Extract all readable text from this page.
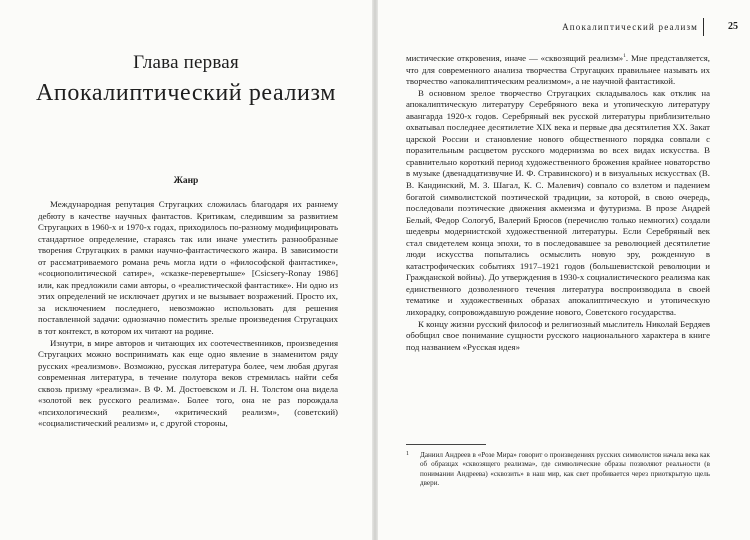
Глава первая
Апокалиптический реализм
Жанр

Международная репутация Стругацких сложилась благодаря их раннему дебюту в качестве научных фантастов. Критикам, следившим за развитием Стругацких в 1960-х и 1970-х годах, приходилось по-разному модифицировать стандартное определение, стараясь так или иначе уместить разнообразные творения Стругацких в рамки научно-фантастического жанра. В зависимости от рассматриваемого романа речь могла идти о «философской фантастике», «социополитической сатире», «сказке-перевертыше» [Csicsery-Ronay 1986] или, как предложили сами авторы, о «реалистической фантастике». Ни одно из этих определений не исключает других и не вызывает возражений. Просто их, за исключением последнего, невозможно использовать для решения поставленной задачи: однозначно поместить зрелые произведения Стругацких в тот контекст, в котором их читают на родине.

Изнутри, в мире авторов и читающих их соотечественников, произведения Стругацких можно воспринимать как еще одно явление в знаменитом ряду русских «реализмов». Возможно, русская литература более, чем любая другая современная литература, в течение полутора веков стремилась найти себя сквозь призму «реализма». В Ф. М. Достоевском и Л. Н. Толстом она видела «золотой век русского реализма». Более того, она не раз порождала «психологический реализм», «критический реализм», (советский) «социалистический реализм» и, с другой стороны,

Апокалиптический реализм	25

мистические откровения, иначе — «сквозящий реализм»$^1$. Мне представляется, что для современного анализа творчества Стругацких правильнее называть их творчество «апокалиптическим реализмом», а не научной фантастикой.

В основном зрелое творчество Стругацких складывалось как отклик на апокалиптическую литературу Серебряного века и утопическую литературу авангарда 1920-х годов. Серебряный век русской литературы приблизительно охватывал последнее десятилетие XIX века и первые два десятилетия XX. Закат царской России и становление нового общественного порядка совпали с поразительным расцветом русского модернизма во всех видах искусства. В сравнительно короткий период художественного брожения крайнее новаторство в музыке (двенадцатизвучие И. Ф. Стравинского) и в визуальных искусствах (В. В. Кандинский, М. З. Шагал, К. С. Малевич) совпало со взлетом и падением богатой символистской поэтической традиции, за которой, в свою очередь, последовали поэтические движения акмеизма и футуризма. В прозе Андрей Белый, Федор Сологуб, Валерий Брюсов (перечислю только немногих) создали шедевры модернистской художественной литературы. Если Серебряный век стал свидетелем конца эпохи, то в последовавшее за революцией десятилетие люди искусства попытались осмыслить новую эру, рожденную в катастрофических событиях 1917–1921 годов (большевистской революции и Гражданской войны). До утверждения в 1930-х социалистического реализма как единственного дозволенного течения литература воспроизводила в своей тематике и художественных образах апокалиптическую и утопическую лихорадку, сопровождавшую рождение нового, Советского государства.

К концу жизни русский философ и религиозный мыслитель Николай Бердяев обобщил свое понимание сущности русского национального характера в книге под названием «Русская идея»

1	Даниил Андреев в «Розе Мира» говорит о произведениях русских символистов начала века как об образцах «сквозящего реализма», где символические образы позволяют реальности (в понимании Андреева) «сквозить» в наш мир, как свет пробивается через приоткрытую щель двери.
